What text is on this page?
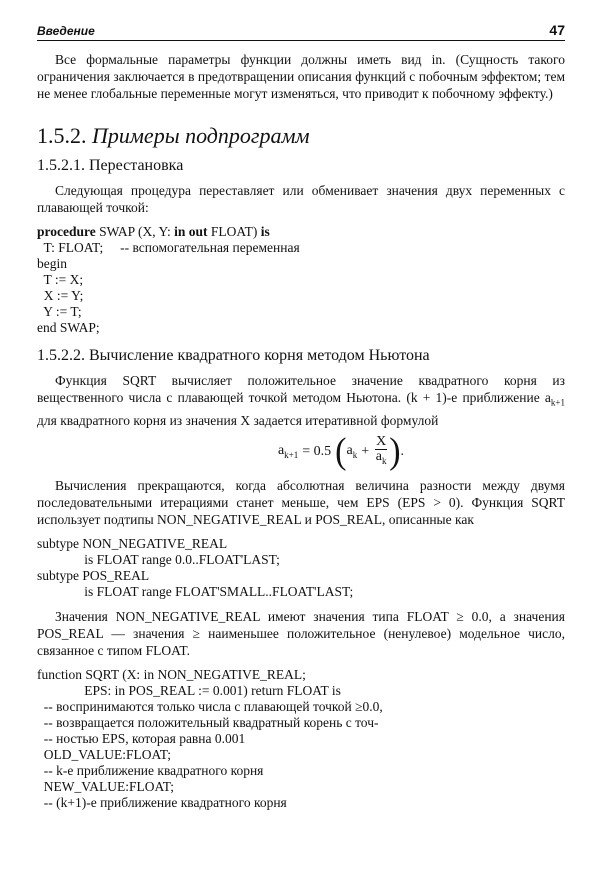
Введение	47

Все формальные параметры функции должны иметь вид in. (Сущность такого ограничения заключается в предотвращении описания функций с побочным эффектом; тем не менее глобальные переменные могут изменяться, что приводит к побочному эффекту.)

1.5.2. Примеры подпрограмм
1.5.2.1. Перестановка

Следующая процедура переставляет или обменивает значения двух переменных с плавающей точкой:

procedure SWAP (X, Y: in out FLOAT) is
T: FLOAT;     -- вспомогательная переменная
begin
T := X;
X := Y;
Y := T;
end SWAP;
1.5.2.2. Вычисление квадратного корня методом Ньютона

Функция SQRT вычисляет положительное значение квадратного корня из вещественного числа с плавающей точкой методом Ньютона. (k + 1)-е приближение $a_{k+1}$ для квадратного корня из значения X задается итеративной формулой

$a_{k+1} = 0.5$ ( $a_k + \frac{X}{a_k}$ ) .

Вычисления прекращаются, когда абсолютная величина разности между двумя последовательными итерациями станет меньше, чем EPS (EPS > 0). Функция SQRT использует подтипы NON_NEGATIVE_REAL и POS_REAL, описанные как

subtype NON_NEGATIVE_REAL
is FLOAT range 0.0..FLOAT'LAST;
subtype POS_REAL
is FLOAT range FLOAT'SMALL..FLOAT'LAST;

Значения NON_NEGATIVE_REAL имеют значения типа FLOAT ≥ 0.0, а значения POS_REAL — значения ≥ наименьшее положительное (ненулевое) модельное число, связанное с типом FLOAT.

function SQRT (X: in NON_NEGATIVE_REAL;
EPS: in POS_REAL := 0.001) return FLOAT is
-- воспринимаются только числа с плавающей точкой ≥0.0,
-- возвращается положительный квадратный корень с точ-
-- ностью EPS, которая равна 0.001
OLD_VALUE:FLOAT;
-- k-е приближение квадратного корня
NEW_VALUE:FLOAT;
-- (k+1)-е приближение квадратного корня
